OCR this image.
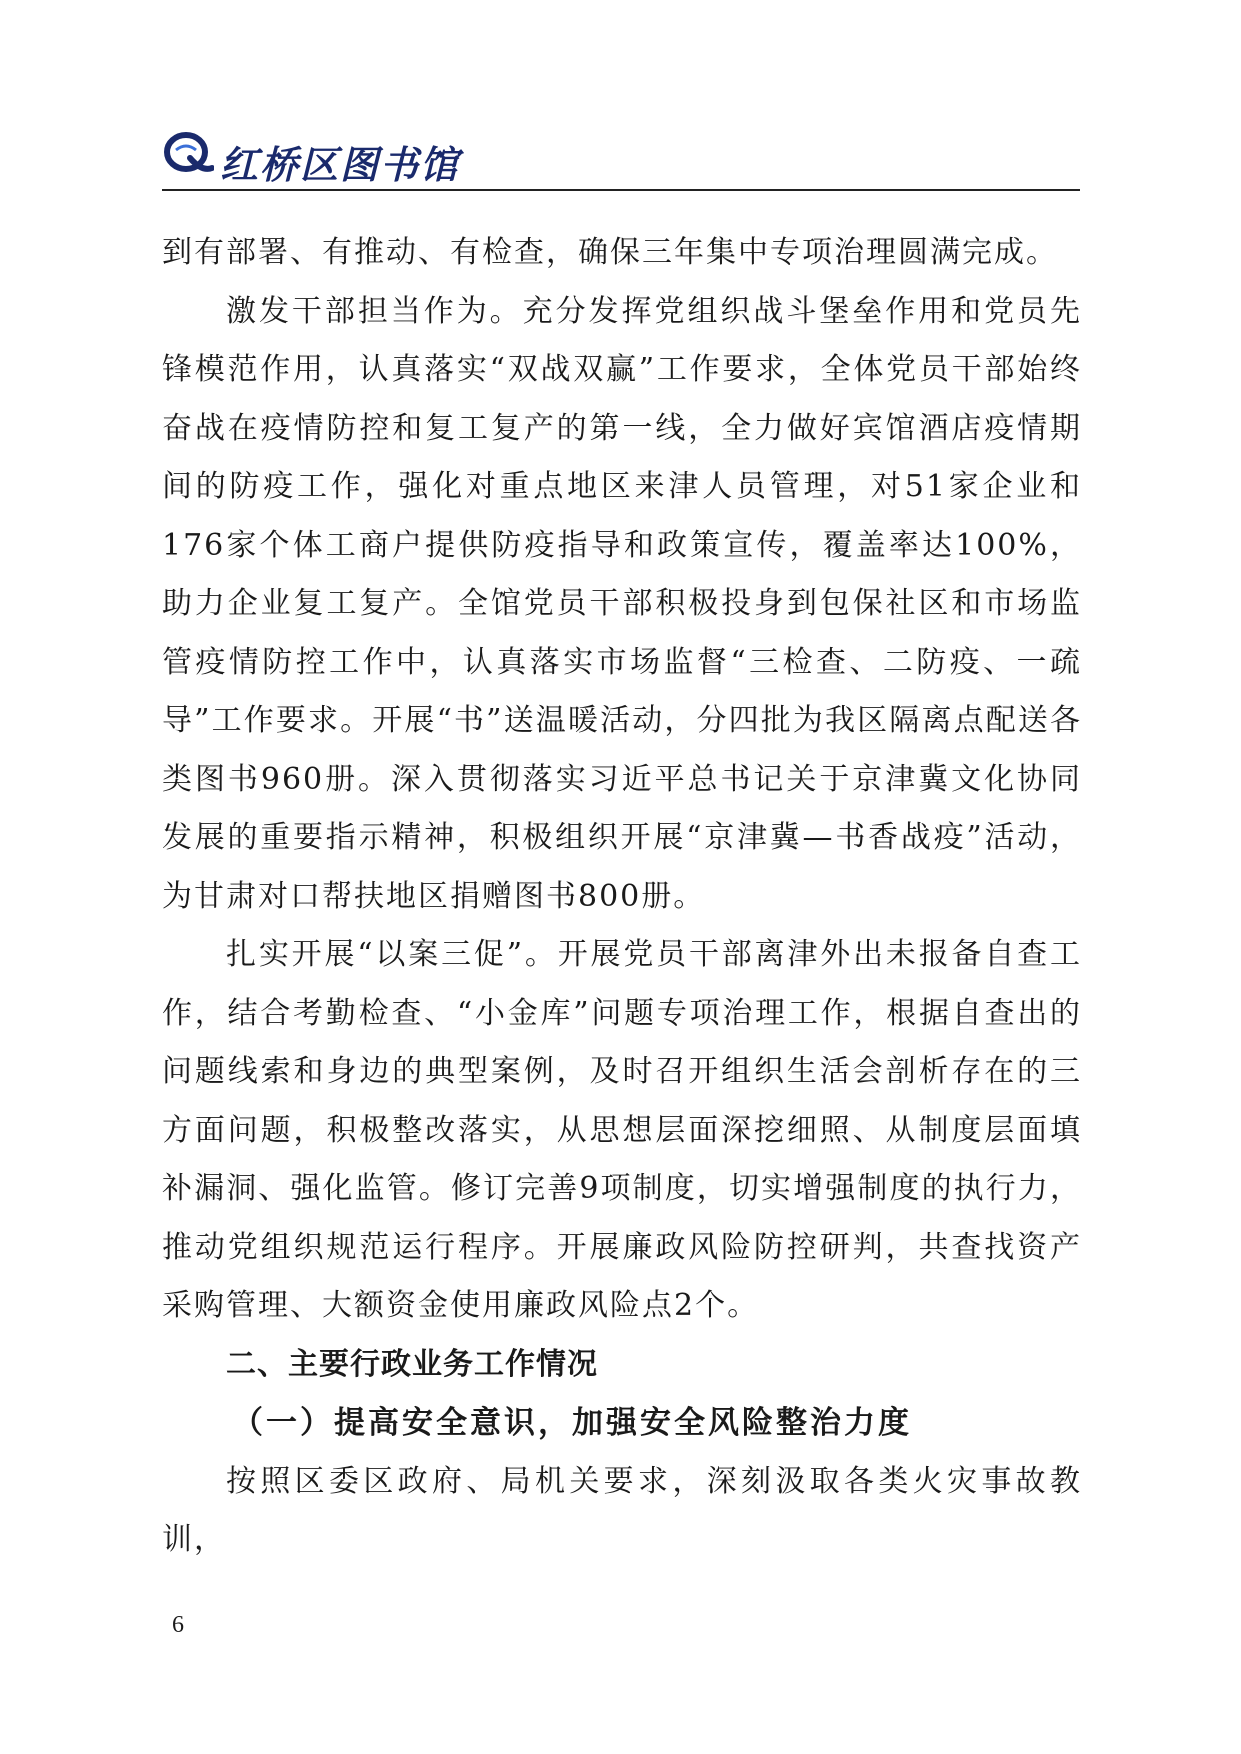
红桥区图书馆

到有部署、有推动、有检查，确保三年集中专项治理圆满完成。

激发干部担当作为。充分发挥党组织战斗堡垒作用和党员先锋模范作用，认真落实“双战双赢”工作要求，全体党员干部始终奋战在疫情防控和复工复产的第一线，全力做好宾馆酒店疫情期间的防疫工作，强化对重点地区来津人员管理，对51家企业和176家个体工商户提供防疫指导和政策宣传，覆盖率达100%，助力企业复工复产。全馆党员干部积极投身到包保社区和市场监管疫情防控工作中，认真落实市场监督“三检查、二防疫、一疏导”工作要求。开展“书”送温暖活动，分四批为我区隔离点配送各类图书960册。深入贯彻落实习近平总书记关于京津冀文化协同发展的重要指示精神，积极组织开展“京津冀—书香战疫”活动，为甘肃对口帮扶地区捐赠图书800册。

扎实开展“以案三促”。开展党员干部离津外出未报备自查工作，结合考勤检查、“小金库”问题专项治理工作，根据自查出的问题线索和身边的典型案例，及时召开组织生活会剖析存在的三方面问题，积极整改落实，从思想层面深挖细照、从制度层面填补漏洞、强化监管。修订完善9项制度，切实增强制度的执行力，推动党组织规范运行程序。开展廉政风险防控研判，共查找资产采购管理、大额资金使用廉政风险点2个。

二、主要行政业务工作情况

（一）提高安全意识，加强安全风险整治力度

按照区委区政府、局机关要求，深刻汲取各类火灾事故教训，

6
